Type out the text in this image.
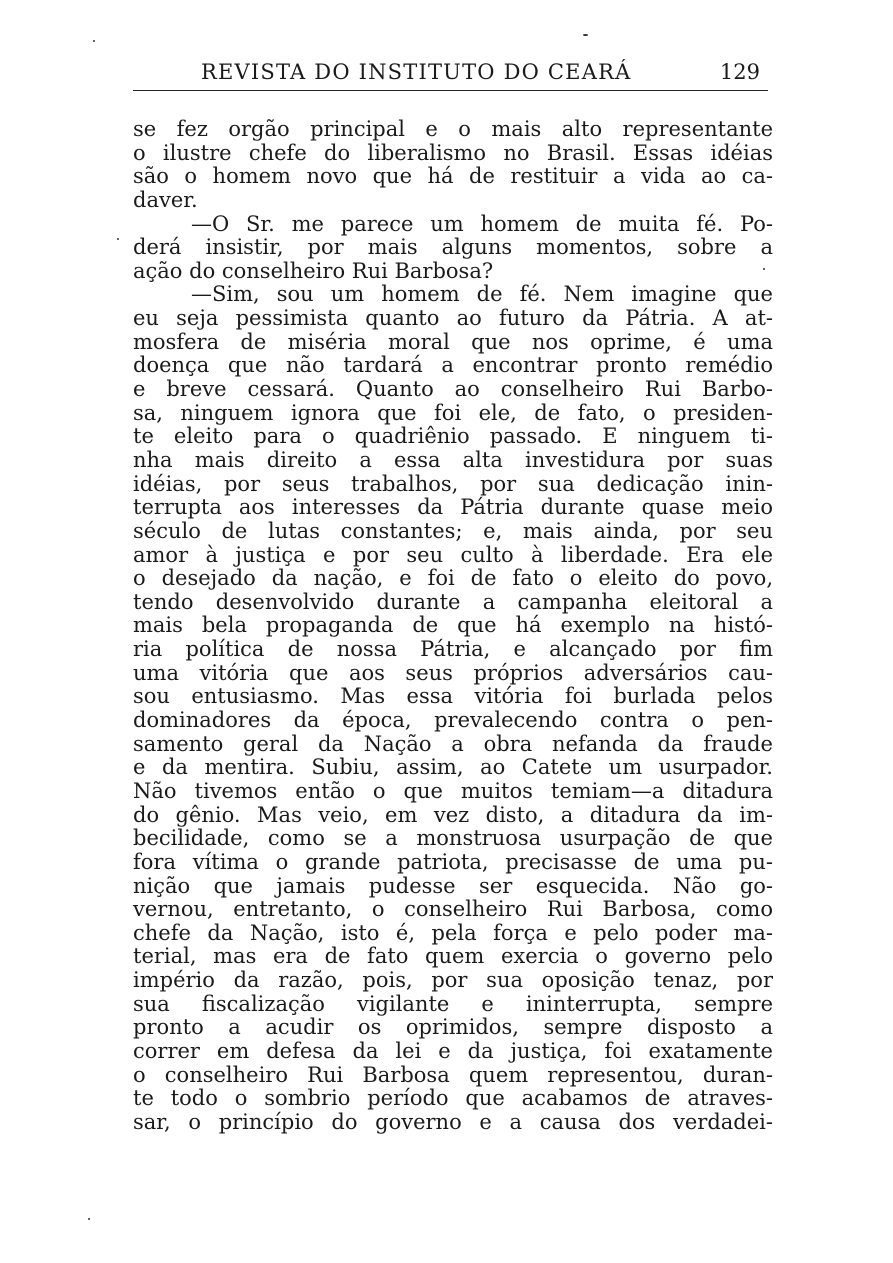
REVISTA DO INSTITUTO DO CEARÁ	129
se fez orgão principal e o mais alto representante
o ilustre chefe do liberalismo no Brasil. Essas idéias
são o homem novo que há de restituir a vida ao ca-
daver.
—O Sr. me parece um homem de muita fé. Po-
derá insistir, por mais alguns momentos, sobre a
ação do conselheiro Rui Barbosa?
—Sim, sou um homem de fé. Nem imagine que
eu seja pessimista quanto ao futuro da Pátria. A at-
mosfera de miséria moral que nos oprime, é uma
doença que não tardará a encontrar pronto remédio
e breve cessará. Quanto ao conselheiro Rui Barbo-
sa, ninguem ignora que foi ele, de fato, o presiden-
te eleito para o quadriênio passado. E ninguem ti-
nha mais direito a essa alta investidura por suas
idéias, por seus trabalhos, por sua dedicação inin-
terrupta aos interesses da Pátria durante quase meio
século de lutas constantes; e, mais ainda, por seu
amor à justiça e por seu culto à liberdade. Era ele
o desejado da nação, e foi de fato o eleito do povo,
tendo desenvolvido durante a campanha eleitoral a
mais bela propaganda de que há exemplo na histó-
ria política de nossa Pátria, e alcançado por fim
uma vitória que aos seus próprios adversários cau-
sou entusiasmo. Mas essa vitória foi burlada pelos
dominadores da época, prevalecendo contra o pen-
samento geral da Nação a obra nefanda da fraude
e da mentira. Subiu, assim, ao Catete um usurpador.
Não tivemos então o que muitos temiam—a ditadura
do gênio. Mas veio, em vez disto, a ditadura da im-
becilidade, como se a monstruosa usurpação de que
fora vítima o grande patriota, precisasse de uma pu-
nição que jamais pudesse ser esquecida. Não go-
vernou, entretanto, o conselheiro Rui Barbosa, como
chefe da Nação, isto é, pela força e pelo poder ma-
terial, mas era de fato quem exercia o governo pelo
império da razão, pois, por sua oposição tenaz, por
sua fiscalização vigilante e ininterrupta, sempre
pronto a acudir os oprimidos, sempre disposto a
correr em defesa da lei e da justiça, foi exatamente
o conselheiro Rui Barbosa quem representou, duran-
te todo o sombrio período que acabamos de atraves-
sar, o princípio do governo e a causa dos verdadei-
